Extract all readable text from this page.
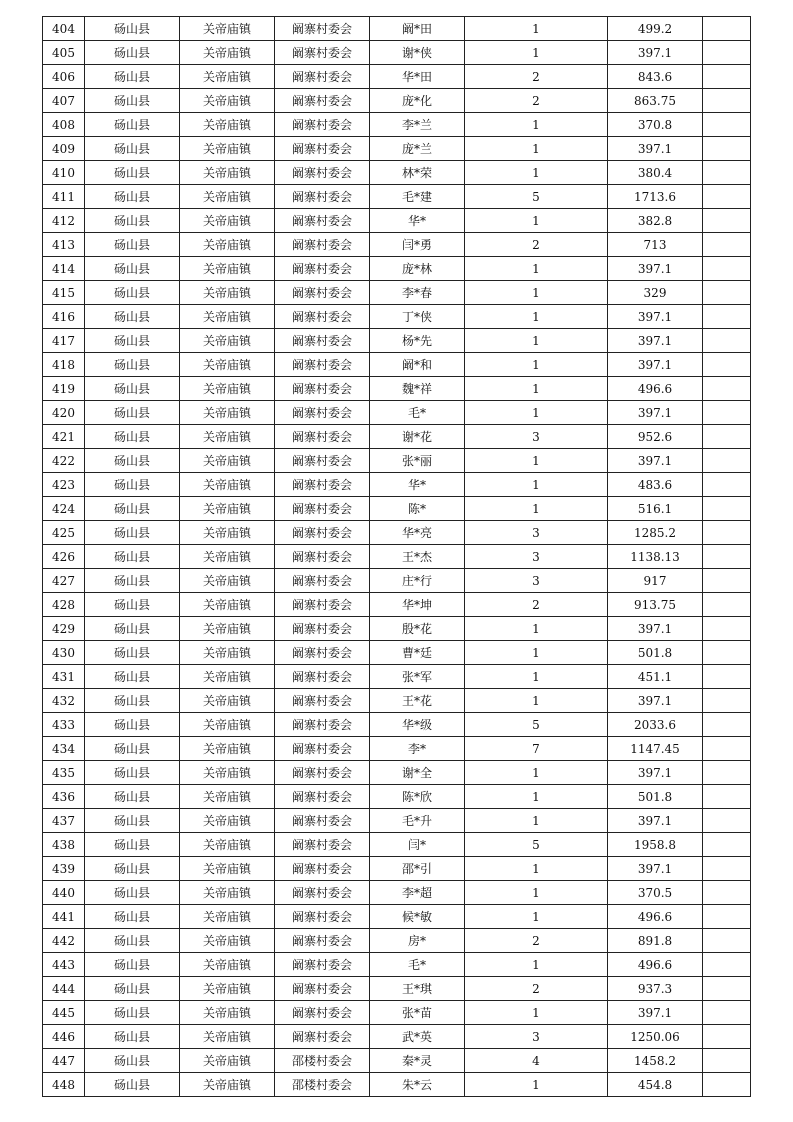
404	砀山县	关帝庙镇	阚寨村委会	阚*田	1	499.2	
405	砀山县	关帝庙镇	阚寨村委会	谢*侠	1	397.1	
406	砀山县	关帝庙镇	阚寨村委会	华*田	2	843.6	
407	砀山县	关帝庙镇	阚寨村委会	庞*化	2	863.75	
408	砀山县	关帝庙镇	阚寨村委会	李*兰	1	370.8	
409	砀山县	关帝庙镇	阚寨村委会	庞*兰	1	397.1	
410	砀山县	关帝庙镇	阚寨村委会	林*荣	1	380.4	
411	砀山县	关帝庙镇	阚寨村委会	毛*建	5	1713.6	
412	砀山县	关帝庙镇	阚寨村委会	华*	1	382.8	
413	砀山县	关帝庙镇	阚寨村委会	闫*勇	2	713	
414	砀山县	关帝庙镇	阚寨村委会	庞*林	1	397.1	
415	砀山县	关帝庙镇	阚寨村委会	李*春	1	329	
416	砀山县	关帝庙镇	阚寨村委会	丁*侠	1	397.1	
417	砀山县	关帝庙镇	阚寨村委会	杨*先	1	397.1	
418	砀山县	关帝庙镇	阚寨村委会	阚*和	1	397.1	
419	砀山县	关帝庙镇	阚寨村委会	魏*祥	1	496.6	
420	砀山县	关帝庙镇	阚寨村委会	毛*	1	397.1	
421	砀山县	关帝庙镇	阚寨村委会	谢*花	3	952.6	
422	砀山县	关帝庙镇	阚寨村委会	张*丽	1	397.1	
423	砀山县	关帝庙镇	阚寨村委会	华*	1	483.6	
424	砀山县	关帝庙镇	阚寨村委会	陈*	1	516.1	
425	砀山县	关帝庙镇	阚寨村委会	华*亮	3	1285.2	
426	砀山县	关帝庙镇	阚寨村委会	王*杰	3	1138.13	
427	砀山县	关帝庙镇	阚寨村委会	庄*行	3	917	
428	砀山县	关帝庙镇	阚寨村委会	华*坤	2	913.75	
429	砀山县	关帝庙镇	阚寨村委会	殷*花	1	397.1	
430	砀山县	关帝庙镇	阚寨村委会	曹*廷	1	501.8	
431	砀山县	关帝庙镇	阚寨村委会	张*军	1	451.1	
432	砀山县	关帝庙镇	阚寨村委会	王*花	1	397.1	
433	砀山县	关帝庙镇	阚寨村委会	华*级	5	2033.6	
434	砀山县	关帝庙镇	阚寨村委会	李*	7	1147.45	
435	砀山县	关帝庙镇	阚寨村委会	谢*全	1	397.1	
436	砀山县	关帝庙镇	阚寨村委会	陈*欣	1	501.8	
437	砀山县	关帝庙镇	阚寨村委会	毛*升	1	397.1	
438	砀山县	关帝庙镇	阚寨村委会	闫*	5	1958.8	
439	砀山县	关帝庙镇	阚寨村委会	邵*引	1	397.1	
440	砀山县	关帝庙镇	阚寨村委会	李*超	1	370.5	
441	砀山县	关帝庙镇	阚寨村委会	候*敏	1	496.6	
442	砀山县	关帝庙镇	阚寨村委会	房*	2	891.8	
443	砀山县	关帝庙镇	阚寨村委会	毛*	1	496.6	
444	砀山县	关帝庙镇	阚寨村委会	王*琪	2	937.3	
445	砀山县	关帝庙镇	阚寨村委会	张*苗	1	397.1	
446	砀山县	关帝庙镇	阚寨村委会	武*英	3	1250.06	
447	砀山县	关帝庙镇	邵楼村委会	秦*灵	4	1458.2	
448	砀山县	关帝庙镇	邵楼村委会	朱*云	1	454.8	
